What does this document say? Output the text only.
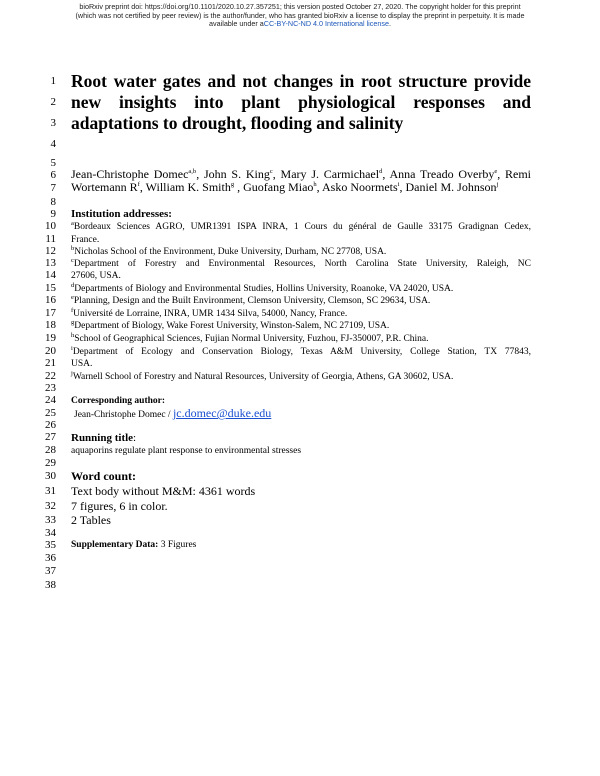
bioRxiv preprint doi: https://doi.org/10.1101/2020.10.27.357251; this version posted October 27, 2020. The copyright holder for this preprint
(which was not certified by peer review) is the author/funder, who has granted bioRxiv a license to display the preprint in perpetuity. It is made
available under aCC-BY-NC-ND 4.0 International license.
1
2
3
4
5
6
7
8
9
10
11
12
13
14
15
16
17
18
19
20
21
22
23
24
25
26
27
28
29
30
31
32
33
34
35
36
37
38
Root water gates and not changes in root structure provide
new insights into plant physiological responses and
adaptations to drought, flooding and salinity
Jean-Christophe Domec$^{a,b}$, John S. King$^c$, Mary J. Carmichael$^d$, Anna Treado Overby$^e$, Remi
Wortemann $R^f$, William K. Smith$^g$ , Guofang Miao$^h$, Asko Noormets$^i$, Daniel M. Johnson$^j$
Institution addresses:
$^a$Bordeaux Sciences AGRO, UMR1391 ISPA INRA, 1 Cours du général de Gaulle 33175 Gradignan Cedex,
France.
$^b$Nicholas School of the Environment, Duke University, Durham, NC 27708, USA.
$^c$Department of Forestry and Environmental Resources, North Carolina State University, Raleigh, NC
27606, USA.
$^d$Departments of Biology and Environmental Studies, Hollins University, Roanoke, VA 24020, USA.
$^e$Planning, Design and the Built Environment, Clemson University, Clemson, SC 29634, USA.
$^f$Université de Lorraine, INRA, UMR 1434 Silva, 54000, Nancy, France.
$^g$Department of Biology, Wake Forest University, Winston-Salem, NC 27109, USA.
$^h$School of Geographical Sciences, Fujian Normal University, Fuzhou, FJ-350007, P.R. China.
$^i$Department of Ecology and Conservation Biology, Texas A&M University, College Station, TX 77843,
USA.
$^j$Warnell School of Forestry and Natural Resources, University of Georgia, Athens, GA 30602, USA.
Corresponding author:
Jean-Christophe Domec / jc.domec@duke.edu
Running title:
aquaporins regulate plant response to environmental stresses
Word count:
Text body without M&M: 4361 words
7 figures, 6 in color.
2 Tables
Supplementary Data: 3 Figures
